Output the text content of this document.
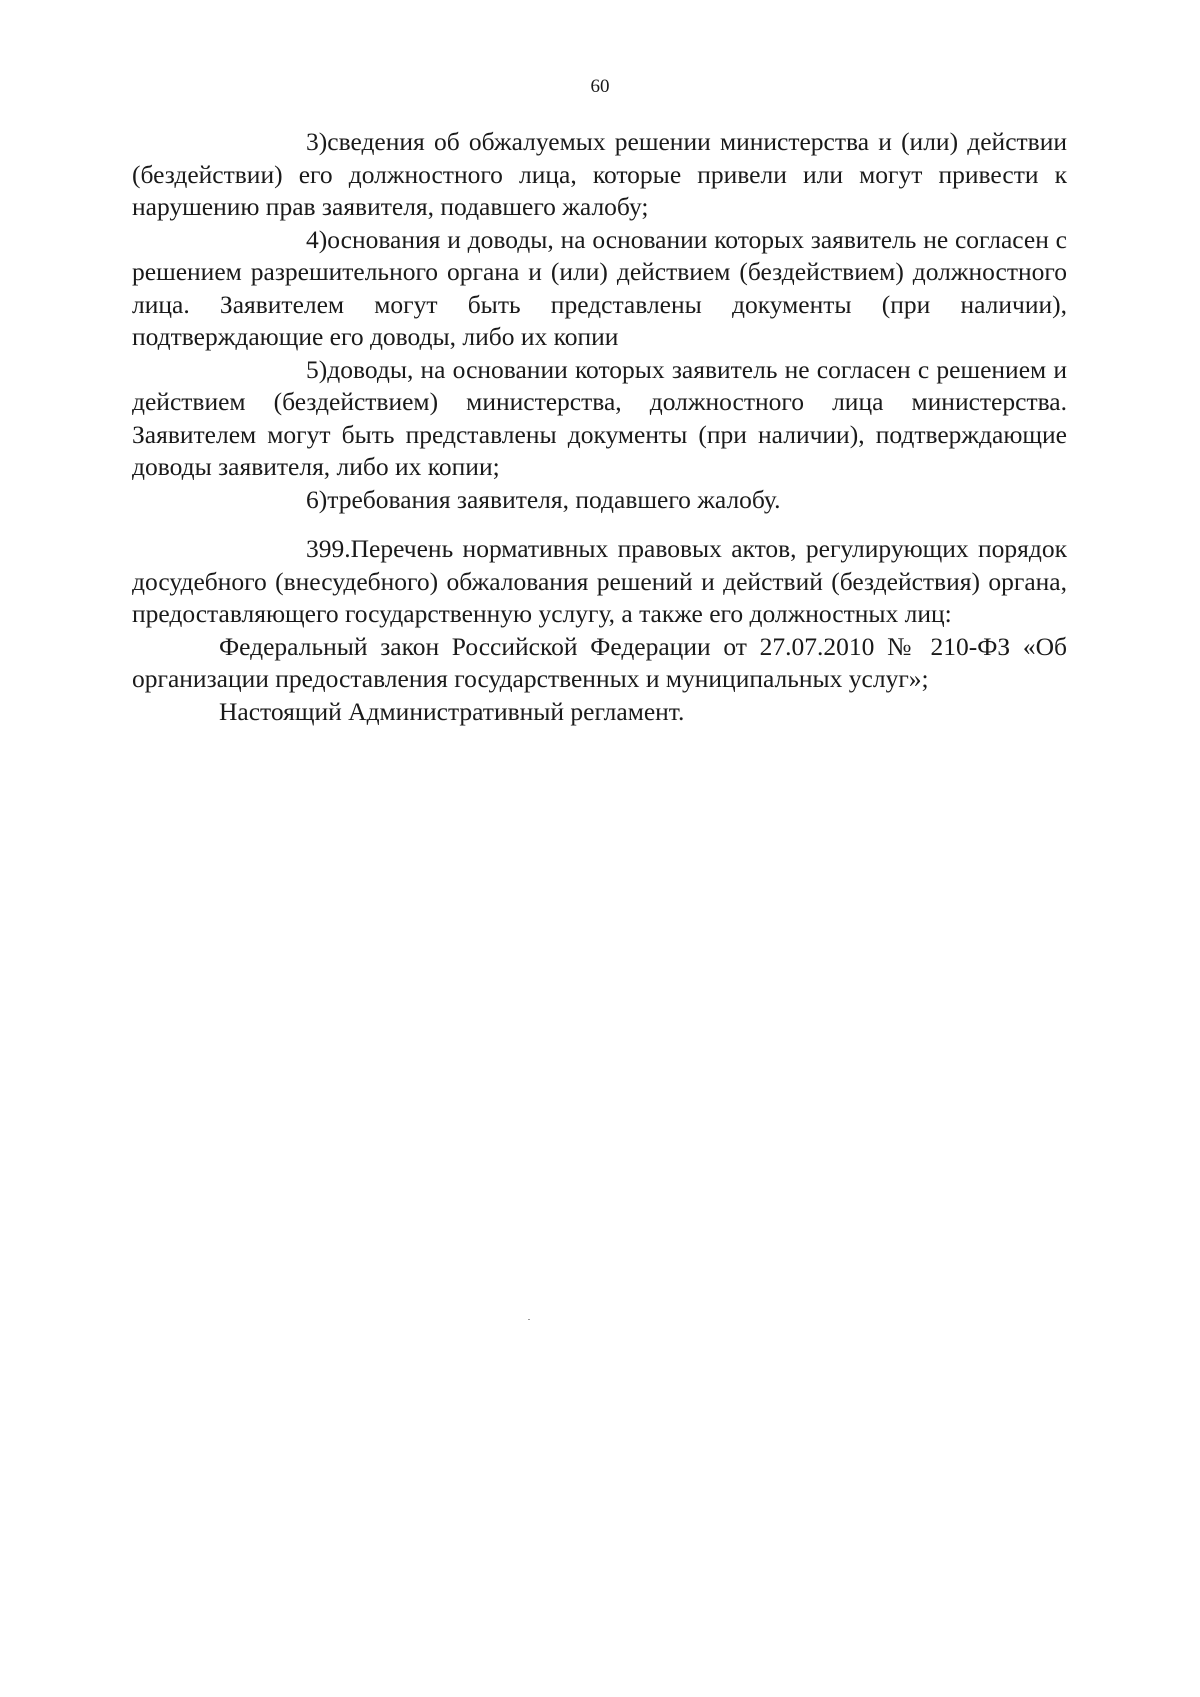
60

3)сведения об обжалуемых решении министерства и (или) действии (бездействии) его должностного лица, которые привели или могут привести к нарушению прав заявителя, подавшего жалобу;

4)основания и доводы, на основании которых заявитель не согласен с решением разрешительного органа и (или) действием (бездействием) должностного лица. Заявителем могут быть представлены документы (при наличии), подтверждающие его доводы, либо их копии

5)доводы, на основании которых заявитель не согласен с решением и действием (бездействием) министерства, должностного лица министерства. Заявителем могут быть представлены документы (при наличии), подтверждающие доводы заявителя, либо их копии;

6)требования заявителя, подавшего жалобу.

399.Перечень нормативных правовых актов, регулирующих порядок досудебного (внесудебного) обжалования решений и действий (бездействия) органа, предоставляющего государственную услугу, а также его должностных лиц:

Федеральный закон Российской Федерации от 27.07.2010 № 210-ФЗ «Об организации предоставления государственных и муниципальных услуг»;

Настоящий Административный регламент.
